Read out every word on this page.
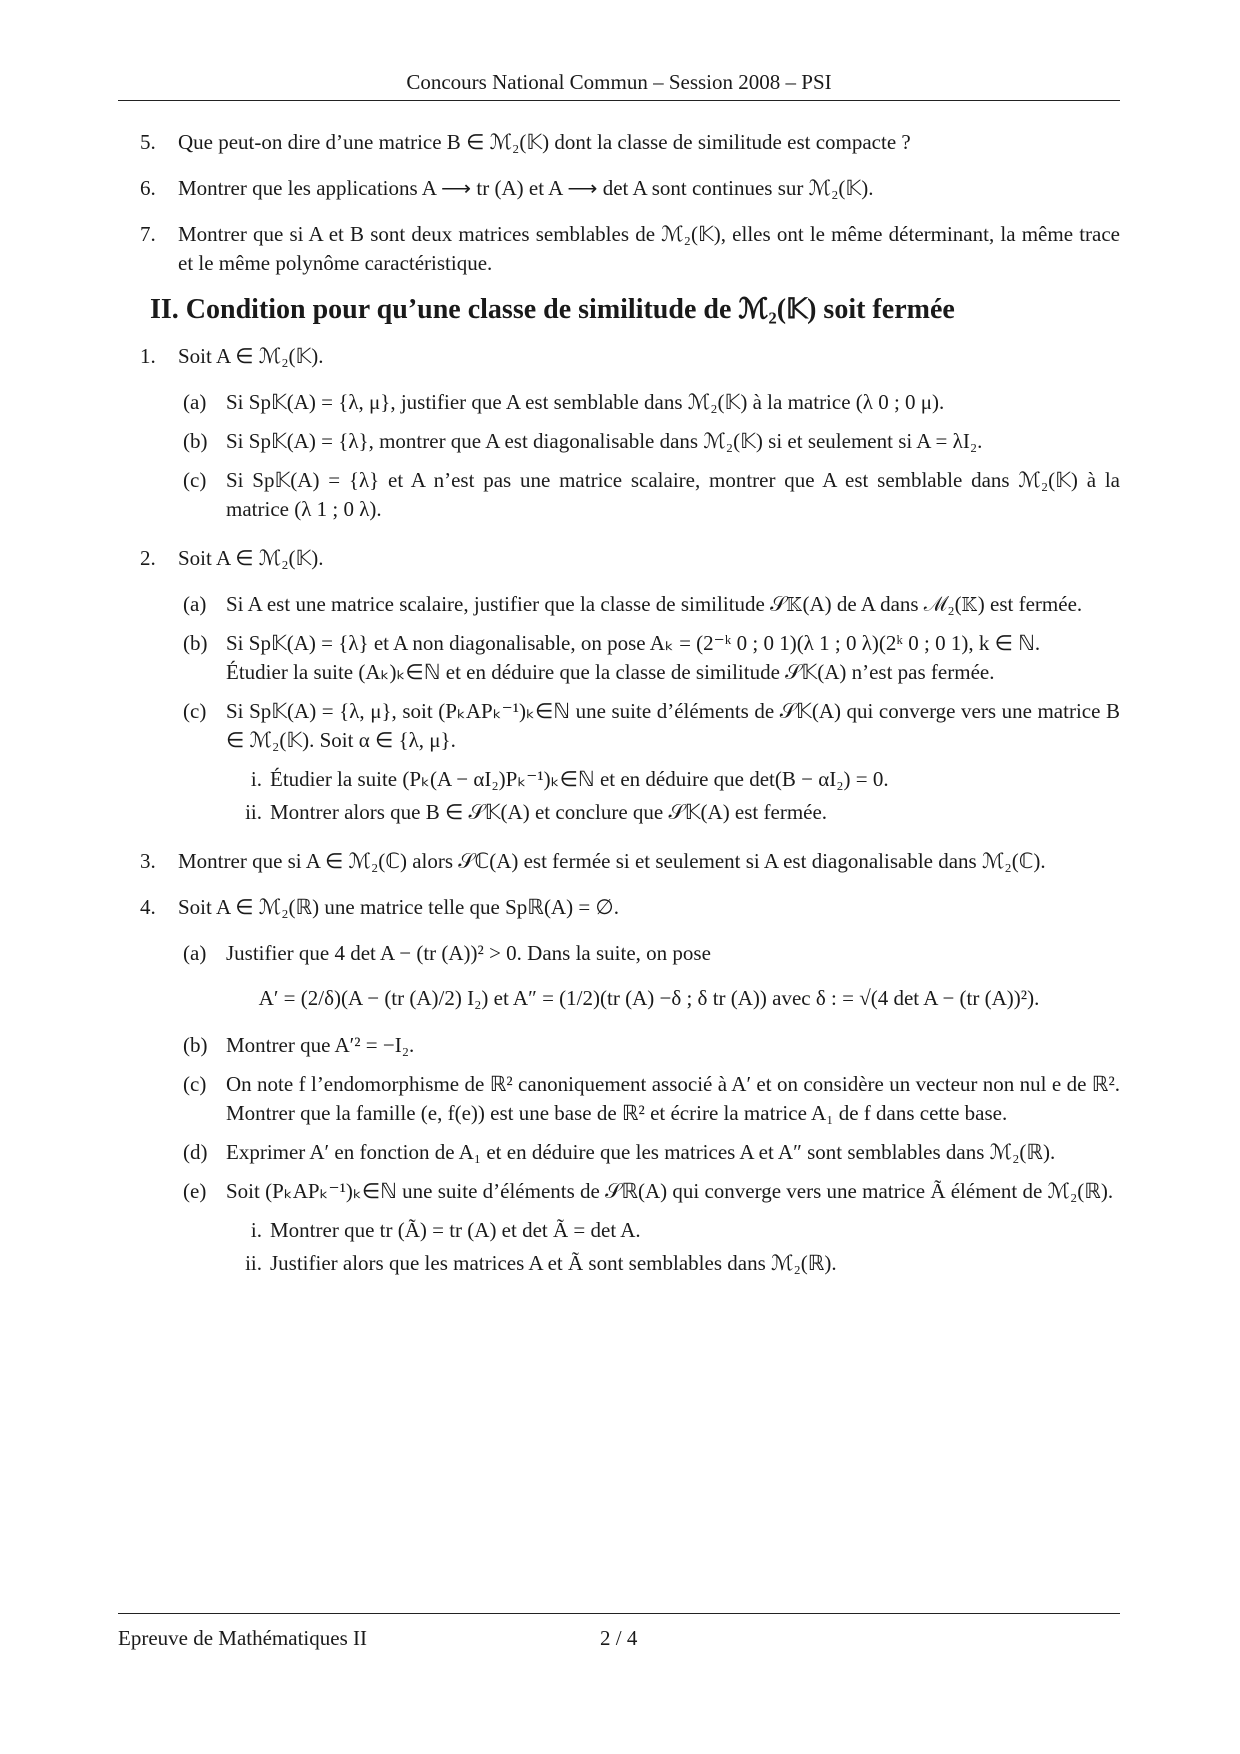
Concours National Commun – Session 2008 – PSI
5. Que peut-on dire d’une matrice B ∈ ℳ₂(𝕂) dont la classe de similitude est compacte ?
6. Montrer que les applications A ⟶ tr (A) et A ⟶ det A sont continues sur ℳ₂(𝕂).
7. Montrer que si A et B sont deux matrices semblables de ℳ₂(𝕂), elles ont le même déterminant, la même trace et le même polynôme caractéristique.
II. Condition pour qu’une classe de similitude de ℳ₂(𝕂) soit fermée
1. Soit A ∈ ℳ₂(𝕂).
(a) Si Sp𝕂(A) = {λ, μ}, justifier que A est semblable dans ℳ₂(𝕂) à la matrice (λ 0 ; 0 μ).
(b) Si Sp𝕂(A) = {λ}, montrer que A est diagonalisable dans ℳ₂(𝕂) si et seulement si A = λI₂.
(c) Si Sp𝕂(A) = {λ} et A n’est pas une matrice scalaire, montrer que A est semblable dans ℳ₂(𝕂) à la matrice (λ 1 ; 0 λ).
2. Soit A ∈ ℳ₂(𝕂).
(a) Si A est une matrice scalaire, justifier que la classe de similitude 𝒮𝕂(A) de A dans ℳ₂(𝕂) est fermée.
(b) Si Sp𝕂(A) = {λ} et A non diagonalisable, on pose Aₖ = (2⁻ᵏ 0 ; 0 1)(λ 1 ; 0 λ)(2ᵏ 0 ; 0 1), k ∈ ℕ.
Étudier la suite (Aₖ)ₖ∈ℕ et en déduire que la classe de similitude 𝒮𝕂(A) n’est pas fermée.
(c) Si Sp𝕂(A) = {λ, μ}, soit (PₖAPₖ⁻¹)ₖ∈ℕ une suite d’éléments de 𝒮𝕂(A) qui converge vers une matrice B ∈ ℳ₂(𝕂). Soit α ∈ {λ, μ}.
i. Étudier la suite (Pₖ(A − αI₂)Pₖ⁻¹)ₖ∈ℕ et en déduire que det(B − αI₂) = 0.
ii. Montrer alors que B ∈ 𝒮𝕂(A) et conclure que 𝒮𝕂(A) est fermée.
3. Montrer que si A ∈ ℳ₂(ℂ) alors 𝒮ℂ(A) est fermée si et seulement si A est diagonalisable dans ℳ₂(ℂ).
4. Soit A ∈ ℳ₂(ℝ) une matrice telle que Spℝ(A) = ∅.
(a) Justifier que 4 det A − (tr (A))² > 0. Dans la suite, on pose
A′ = (2/δ)(A − (tr (A)/2) I₂) et A″ = (1/2)(tr (A) −δ ; δ tr (A)) avec δ : = √(4 det A − (tr (A))²).
(b) Montrer que A′² = −I₂.
(c) On note f l’endomorphisme de ℝ² canoniquement associé à A′ et on considère un vecteur non nul e de ℝ². Montrer que la famille (e, f(e)) est une base de ℝ² et écrire la matrice A₁ de f dans cette base.
(d) Exprimer A′ en fonction de A₁ et en déduire que les matrices A et A″ sont semblables dans ℳ₂(ℝ).
(e) Soit (PₖAPₖ⁻¹)ₖ∈ℕ une suite d’éléments de 𝒮ℝ(A) qui converge vers une matrice Ã élément de ℳ₂(ℝ).
i. Montrer que tr (Ã) = tr (A) et det Ã = det A.
ii. Justifier alors que les matrices A et Ã sont semblables dans ℳ₂(ℝ).
Epreuve de Mathématiques II	2 / 4
